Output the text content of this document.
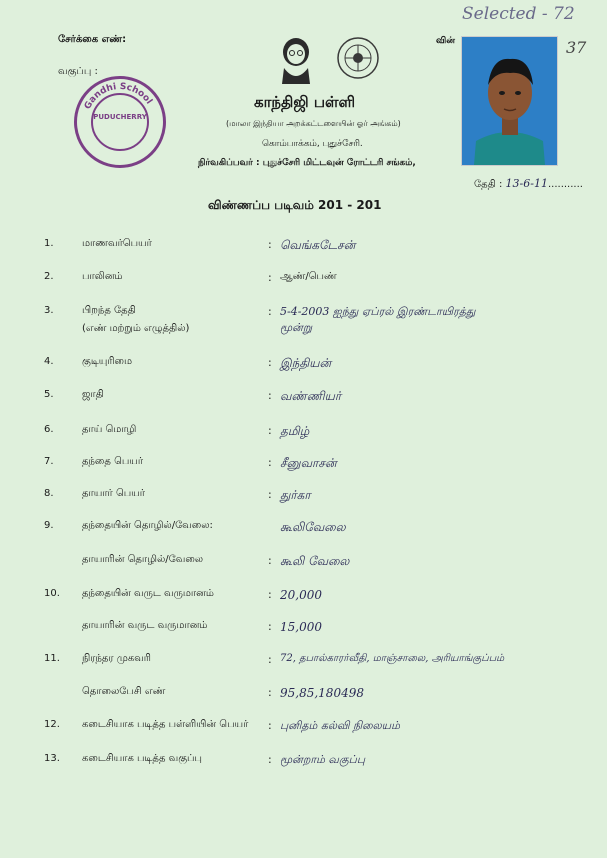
Selected - 72
சேர்க்கை எண்:
வகுப்பு :
Gandhi School
PUDUCHERRY
காந்திஜி பள்ளி
(மாலா இந்தியா அறக்கட்டளையின் ஓர் அங்கம்)
கொம்பாக்கம், புதுச்சேரி.
நிர்வகிப்பவர் : புதுச்சேரி மிட்டவுன் ரோட்டரி சங்கம்,
வின்	37
தேதி : 13-6-11...........
விண்ணப்ப படிவம் 201 - 201
1.	மாணவர்பெயர்	: வெங்கடேசன்
2.	பாலினம்	: ஆண்/பெண்
3.	பிறந்த தேதி
(எண் மற்றும் எழுத்தில்)
: 5-4-2003 ஐந்து ஏப்ரல் இரண்டாயிரத்து
மூன்று
4.	குடியுரிமை	: இந்தியன்
5.	ஜாதி	: வண்ணியர்
6.	தாய் மொழி	: தமிழ்
7.	தந்தை பெயர்	: சீனுவாசன்
8.	தாயார் பெயர்	: துர்கா
9.	தந்தையின் தொழில்/வேலை:	கூலிவேலை
தாயாரின் தொழில்/வேலை	: கூலி வேலை
10. தந்தையின் வருட வருமானம்	: 20,000
தாயாரின் வருட வருமானம்	: 15,000
11. நிரந்தர முகவரி	: 72, தபால்காரர்வீதி, மாஞ்சாலை, அரியாங்குப்பம்
தொலைபேசி எண்	: 95,85,180498
12. கடைசியாக படித்த பள்ளியின் பெயர் : புனிதம் கல்வி நிலையம்
13. கடைசியாக படித்த வகுப்பு	: மூன்றாம் வகுப்பு
